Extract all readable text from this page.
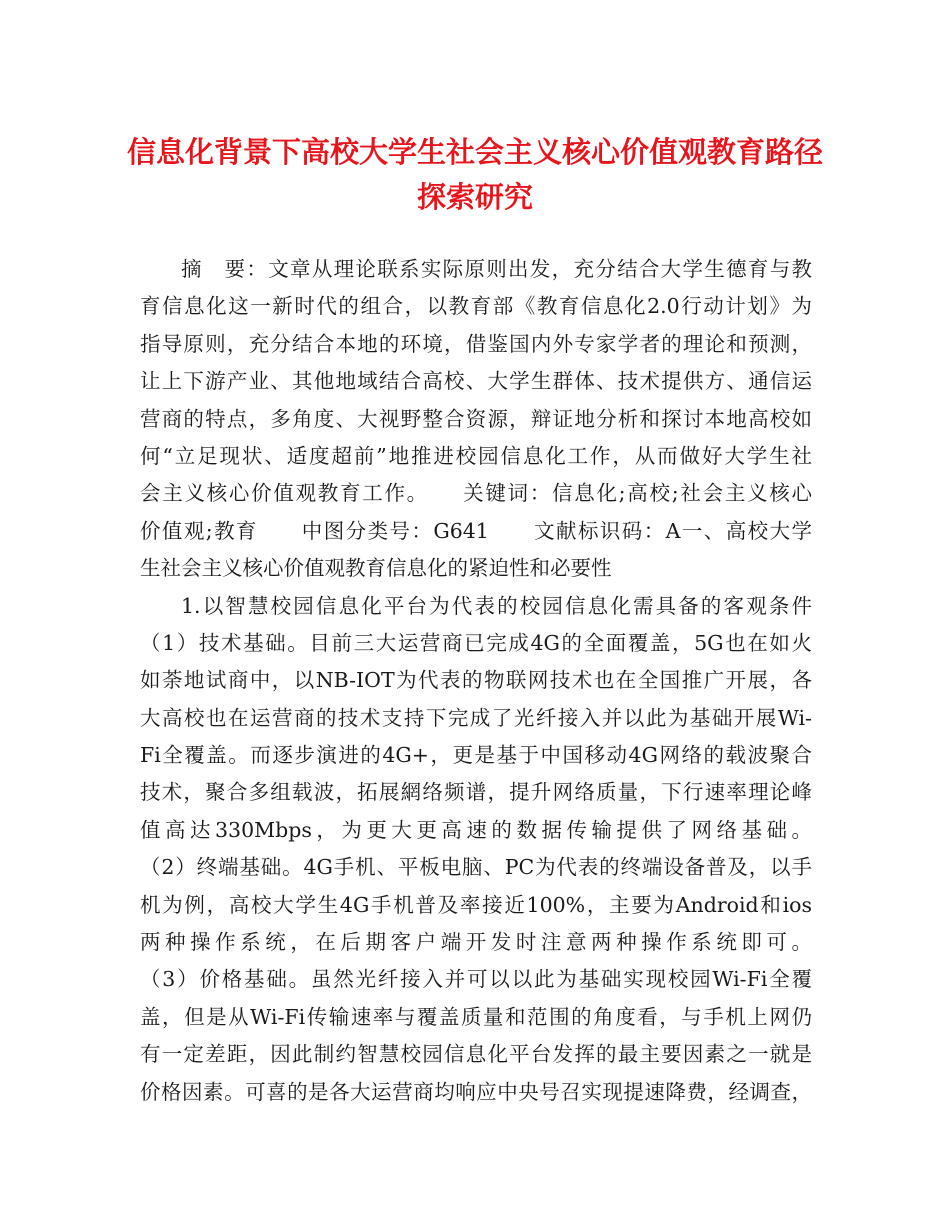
信息化背景下高校大学生社会主义核心价值观教育路径
探索研究
摘　要：文章从理论联系实际原则出发，充分结合大学生德育与教
育信息化这一新时代的组合，以教育部《教育信息化2.0行动计划》为
指导原则，充分结合本地的环境，借鉴国内外专家学者的理论和预测，
让上下游产业、其他地域结合高校、大学生群体、技术提供方、通信运
营商的特点，多角度、大视野整合资源，辩证地分析和探讨本地高校如
何“立足现状、适度超前”地推进校园信息化工作，从而做好大学生社
会主义核心价值观教育工作。　　关键词：信息化;高校;社会主义核心
价值观;教育　　中图分类号：G641　　文献标识码：A一、高校大学
生社会主义核心价值观教育信息化的紧迫性和必要性
1.以智慧校园信息化平台为代表的校园信息化需具备的客观条件
（1）技术基础。目前三大运营商已完成4G的全面覆盖，5G也在如火
如荼地试商中，以NB-IOT为代表的物联网技术也在全国推广开展，各
大高校也在运营商的技术支持下完成了光纤接入并以此为基础开展Wi-
Fi全覆盖。而逐步演进的4G+，更是基于中国移动4G网络的载波聚合
技术，聚合多组载波，拓展網络频谱，提升网络质量，下行速率理论峰
值高达330Mbps，为更大更高速的数据传输提供了网络基础。
（2）终端基础。4G手机、平板电脑、PC为代表的终端设备普及，以手
机为例，高校大学生4G手机普及率接近100%，主要为Android和ios
两种操作系统，在后期客户端开发时注意两种操作系统即可。
（3）价格基础。虽然光纤接入并可以以此为基础实现校园Wi-Fi全覆
盖，但是从Wi-Fi传输速率与覆盖质量和范围的角度看，与手机上网仍
有一定差距，因此制约智慧校园信息化平台发挥的最主要因素之一就是
价格因素。可喜的是各大运营商均响应中央号召实现提速降费，经调查，
